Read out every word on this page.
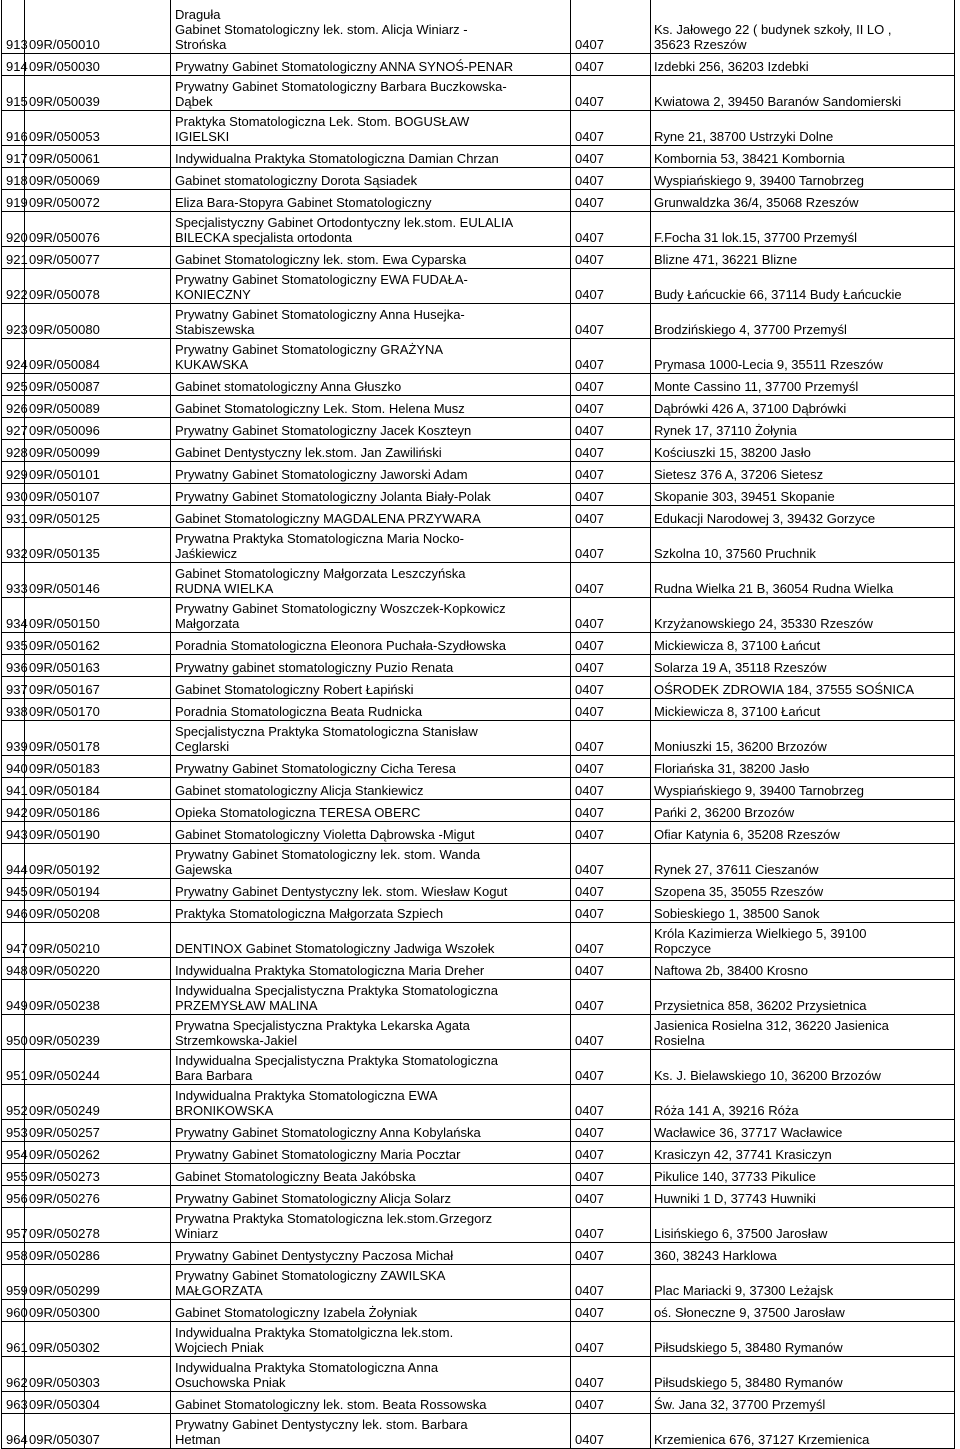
913	09R/050010	Draguła
Gabinet Stomatologiczny lek. stom. Alicja Winiarz -
Strońska	0407	Ks. Jałowego 22 ( budynek szkoły, II LO ,
35623 Rzeszów
914	09R/050030	Prywatny Gabinet Stomatologiczny ANNA SYNOŚ-PENAR	0407	Izdebki 256, 36203 Izdebki
915	09R/050039	Prywatny Gabinet Stomatologiczny Barbara Buczkowska-
Dąbek	0407	Kwiatowa 2, 39450 Baranów Sandomierski
916	09R/050053	Praktyka Stomatologiczna Lek. Stom. BOGUSŁAW
IGIELSKI	0407	Ryne 21, 38700 Ustrzyki Dolne
917	09R/050061	Indywidualna Praktyka Stomatologiczna Damian Chrzan	0407	Kombornia 53, 38421 Kombornia
918	09R/050069	Gabinet stomatologiczny Dorota Sąsiadek	0407	Wyspiańskiego 9, 39400 Tarnobrzeg
919	09R/050072	Eliza Bara-Stopyra Gabinet Stomatologiczny	0407	Grunwaldzka 36/4, 35068 Rzeszów
920	09R/050076	Specjalistyczny Gabinet Ortodontyczny lek.stom. EULALIA
BILECKA specjalista ortodonta	0407	F.Focha 31 lok.15, 37700 Przemyśl
921	09R/050077	Gabinet Stomatologiczny lek. stom. Ewa Cyparska	0407	Blizne 471, 36221 Blizne
922	09R/050078	Prywatny Gabinet Stomatologiczny EWA FUDAŁA-
KONIECZNY	0407	Budy Łańcuckie 66, 37114 Budy Łańcuckie
923	09R/050080	Prywatny Gabinet Stomatologiczny Anna Husejka-
Stabiszewska	0407	Brodzińskiego 4, 37700 Przemyśl
924	09R/050084	Prywatny Gabinet Stomatologiczny GRAŻYNA
KUKAWSKA	0407	Prymasa 1000-Lecia 9, 35511 Rzeszów
925	09R/050087	Gabinet stomatologiczny Anna Głuszko	0407	Monte Cassino 11, 37700 Przemyśl
926	09R/050089	Gabinet Stomatologiczny Lek. Stom. Helena Musz	0407	Dąbrówki 426 A, 37100 Dąbrówki
927	09R/050096	Prywatny Gabinet Stomatologiczny Jacek Koszteyn	0407	Rynek 17, 37110 Żołynia
928	09R/050099	Gabinet Dentystyczny lek.stom. Jan Zawiliński	0407	Kościuszki 15, 38200 Jasło
929	09R/050101	Prywatny Gabinet Stomatologiczny Jaworski Adam	0407	Sietesz 376 A, 37206 Sietesz
930	09R/050107	Prywatny Gabinet Stomatologiczny Jolanta Biały-Polak	0407	Skopanie 303, 39451 Skopanie
931	09R/050125	Gabinet Stomatologiczny MAGDALENA PRZYWARA	0407	Edukacji Narodowej 3, 39432 Gorzyce
932	09R/050135	Prywatna Praktyka Stomatologiczna Maria Nocko-
Jaśkiewicz	0407	Szkolna 10, 37560 Pruchnik
933	09R/050146	Gabinet Stomatologiczny Małgorzata Leszczyńska
RUDNA WIELKA	0407	Rudna Wielka 21 B, 36054 Rudna Wielka
934	09R/050150	Prywatny Gabinet Stomatologiczny Woszczek-Kopkowicz
Małgorzata	0407	Krzyżanowskiego 24, 35330 Rzeszów
935	09R/050162	Poradnia Stomatologiczna Eleonora Puchała-Szydłowska	0407	Mickiewicza 8, 37100 Łańcut
936	09R/050163	Prywatny gabinet stomatologiczny Puzio Renata	0407	Solarza 19 A, 35118 Rzeszów
937	09R/050167	Gabinet Stomatologiczny Robert Łapiński	0407	OŚRODEK ZDROWIA 184, 37555 SOŚNICA
938	09R/050170	Poradnia Stomatologiczna Beata Rudnicka	0407	Mickiewicza 8, 37100 Łańcut
939	09R/050178	Specjalistyczna Praktyka Stomatologiczna Stanisław
Ceglarski	0407	Moniuszki 15, 36200 Brzozów
940	09R/050183	Prywatny Gabinet Stomatologiczny Cicha Teresa	0407	Floriańska 31, 38200 Jasło
941	09R/050184	Gabinet stomatologiczny Alicja Stankiewicz	0407	Wyspiańskiego 9, 39400 Tarnobrzeg
942	09R/050186	Opieka Stomatologiczna TERESA OBERC	0407	Pańki 2, 36200 Brzozów
943	09R/050190	Gabinet Stomatologiczny Violetta Dąbrowska -Migut	0407	Ofiar Katynia 6, 35208 Rzeszów
944	09R/050192	Prywatny Gabinet Stomatologiczny lek. stom. Wanda
Gajewska	0407	Rynek 27, 37611 Cieszanów
945	09R/050194	Prywatny Gabinet Dentystyczny lek. stom. Wiesław Kogut	0407	Szopena 35, 35055 Rzeszów
946	09R/050208	Praktyka Stomatologiczna Małgorzata Szpiech	0407	Sobieskiego 1, 38500 Sanok
947	09R/050210	DENTINOX Gabinet Stomatologiczny Jadwiga Wszołek	0407	Króla Kazimierza Wielkiego 5, 39100
Ropczyce
948	09R/050220	Indywidualna Praktyka Stomatologiczna Maria Dreher	0407	Naftowa 2b, 38400 Krosno
949	09R/050238	Indywidualna Specjalistyczna Praktyka Stomatologiczna
PRZEMYSŁAW MALINA	0407	Przysietnica 858, 36202 Przysietnica
950	09R/050239	Prywatna Specjalistyczna Praktyka Lekarska Agata
Strzemkowska-Jakiel	0407	Jasienica Rosielna 312, 36220 Jasienica
Rosielna
951	09R/050244	Indywidualna Specjalistyczna Praktyka Stomatologiczna
Bara Barbara	0407	Ks. J. Bielawskiego 10, 36200 Brzozów
952	09R/050249	Indywidualna Praktyka Stomatologiczna EWA
BRONIKOWSKA	0407	Róża 141 A, 39216 Róża
953	09R/050257	Prywatny Gabinet Stomatologiczny Anna Kobylańska	0407	Wacławice 36, 37717 Wacławice
954	09R/050262	Prywatny Gabinet Stomatologiczny Maria Pocztar	0407	Krasiczyn 42, 37741 Krasiczyn
955	09R/050273	Gabinet Stomatologiczny Beata Jakóbska	0407	Pikulice 140, 37733 Pikulice
956	09R/050276	Prywatny Gabinet Stomatologiczny Alicja Solarz	0407	Huwniki 1 D, 37743 Huwniki
957	09R/050278	Prywatna Praktyka Stomatologiczna lek.stom.Grzegorz
Winiarz	0407	Lisińskiego 6, 37500 Jarosław
958	09R/050286	Prywatny Gabinet Dentystyczny Paczosa Michał	0407	360, 38243 Harklowa
959	09R/050299	Prywatny Gabinet Stomatologiczny ZAWILSKA
MAŁGORZATA	0407	Plac Mariacki 9, 37300 Leżajsk
960	09R/050300	Gabinet Stomatologiczny Izabela Żołyniak	0407	oś. Słoneczne 9, 37500 Jarosław
961	09R/050302	Indywidualna Praktyka Stomatolgiczna lek.stom.
Wojciech Pniak	0407	Piłsudskiego 5, 38480 Rymanów
962	09R/050303	Indywidualna Praktyka Stomatologiczna Anna
Osuchowska Pniak	0407	Piłsudskiego 5, 38480 Rymanów
963	09R/050304	Gabinet Stomatologiczny lek. stom. Beata Rossowska	0407	Św. Jana 32, 37700 Przemyśl
964	09R/050307	Prywatny Gabinet Dentystyczny lek. stom. Barbara
Hetman	0407	Krzemienica 676, 37127 Krzemienica
